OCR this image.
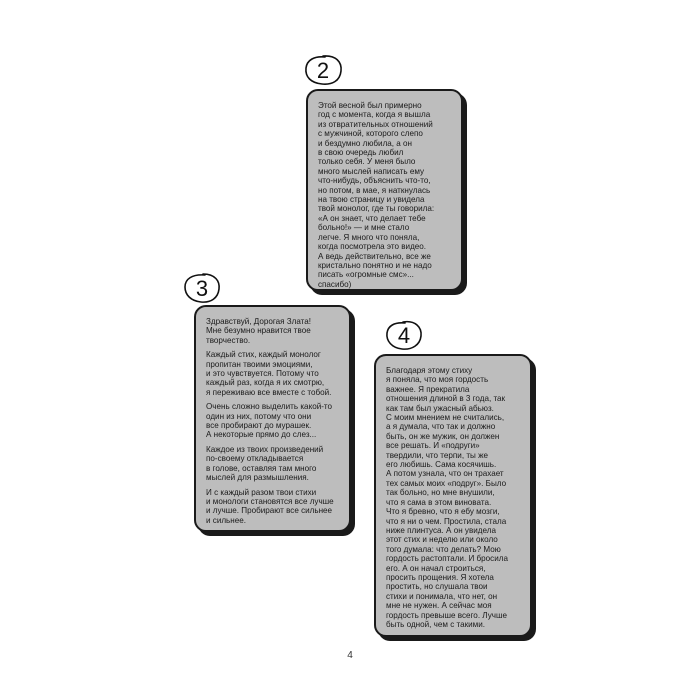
2

Этой весной был примерно
год с момента, когда я вышла
из отвратительных отношений
с мужчиной, которого слепо
и бездумно любила, а он
в свою очередь любил
только себя. У меня было
много мыслей написать ему
что-нибудь, объяснить что-то,
но потом, в мае, я наткнулась
на твою страницу и увидела
твой монолог, где ты говорила:
«А он знает, что делает тебе
больно!» — и мне стало
легче. Я много что поняла,
когда посмотрела это видео.
А ведь действительно, все же
кристально понятно и не надо
писать «огромные смс»...
спасибо)

3

Здравствуй, Дорогая Злата!
Мне безумно нравится твое
творчество.

Каждый стих, каждый монолог
пропитан твоими эмоциями,
и это чувствуется. Потому что
каждый раз, когда я их смотрю,
я переживаю все вместе с тобой.

Очень сложно выделить какой-то
один из них, потому что они
все пробирают до мурашек.
А некоторые прямо до слез...

Каждое из твоих произведений
по-своему откладывается
в голове, оставляя там много
мыслей для размышления.

И с каждый разом твои стихи
и монологи становятся все лучше
и лучше. Пробирают все сильнее
и сильнее.

4

Благодаря этому стиху
я поняла, что моя гордость
важнее. Я прекратила
отношения длиной в 3 года, так
как там был ужасный абьюз.
С моим мнением не считались,
а я думала, что так и должно
быть, он же мужик, он должен
все решать. И «подруги»
твердили, что терпи, ты же
его любишь. Сама косячишь.
А потом узнала, что он трахает
тех самых моих «подруг». Было
так больно, но мне внушили,
что я сама в этом виновата.
Что я бревно, что я ебу мозги,
что я ни о чем. Простила, стала
ниже плинтуса. А он увидела
этот стих и неделю или около
того думала: что делать? Мою
гордость растоптали. И бросила
его. А он начал строиться,
просить прощения. Я хотела
простить, но слушала твои
стихи и понимала, что нет, он
мне не нужен. А сейчас моя
гордость превыше всего. Лучше
быть одной, чем с такими.

4
